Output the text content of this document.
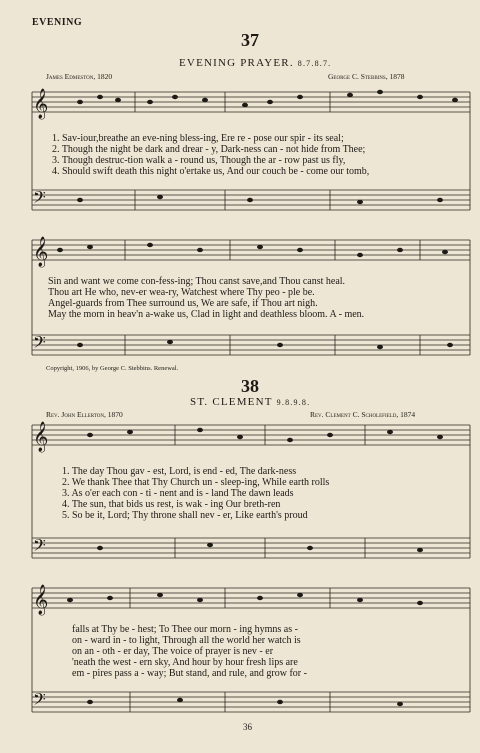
EVENING
37
EVENING PRAYER. 8.7.8.7.
James Edmeston, 1820	George C. Stebbins, 1878
𝄞
𝄢
𝄞
𝄢
𝄞
𝄢
𝄞
𝄢
1. Sav-iour,breathe an eve-ning bless-ing, Ere re - pose our spir - its seal;
2. Though the night be dark and drear - y, Dark-ness can - not hide from Thee;
3. Though destruc-tion walk a - round us, Though the ar - row past us fly,
4. Should swift death this night o'ertake us, And our couch be - come our tomb,
Sin and want we come con-fess-ing; Thou canst save,and Thou canst heal.
Thou art He who, nev-er wea-ry, Watchest where Thy peo - ple be.
Angel-guards from Thee surround us, We are safe, if Thou art nigh.
May the morn in heav'n a-wake us, Clad in light and deathless bloom. A - men.
Copyright, 1906, by George C. Stebbins. Renewal.
38
ST. CLEMENT 9.8.9.8.
Rev. John Ellerton, 1870	Rev. Clement C. Scholefield, 1874
1. The day Thou gav - est, Lord, is end - ed, The dark-ness
2. We thank Thee that Thy Church un - sleep-ing, While earth rolls
3. As o'er each con - ti - nent and is - land The dawn leads
4. The sun, that bids us rest, is wak - ing Our breth-ren
5. So be it, Lord; Thy throne shall nev - er, Like earth's proud
falls at Thy be - hest; To Thee our morn - ing hymns as -
on - ward in - to light, Through all the world her watch is
on an - oth - er day, The voice of prayer is nev - er
'neath the west - ern sky, And hour by hour fresh lips are
em - pires pass a - way; But stand, and rule, and grow for -
36
